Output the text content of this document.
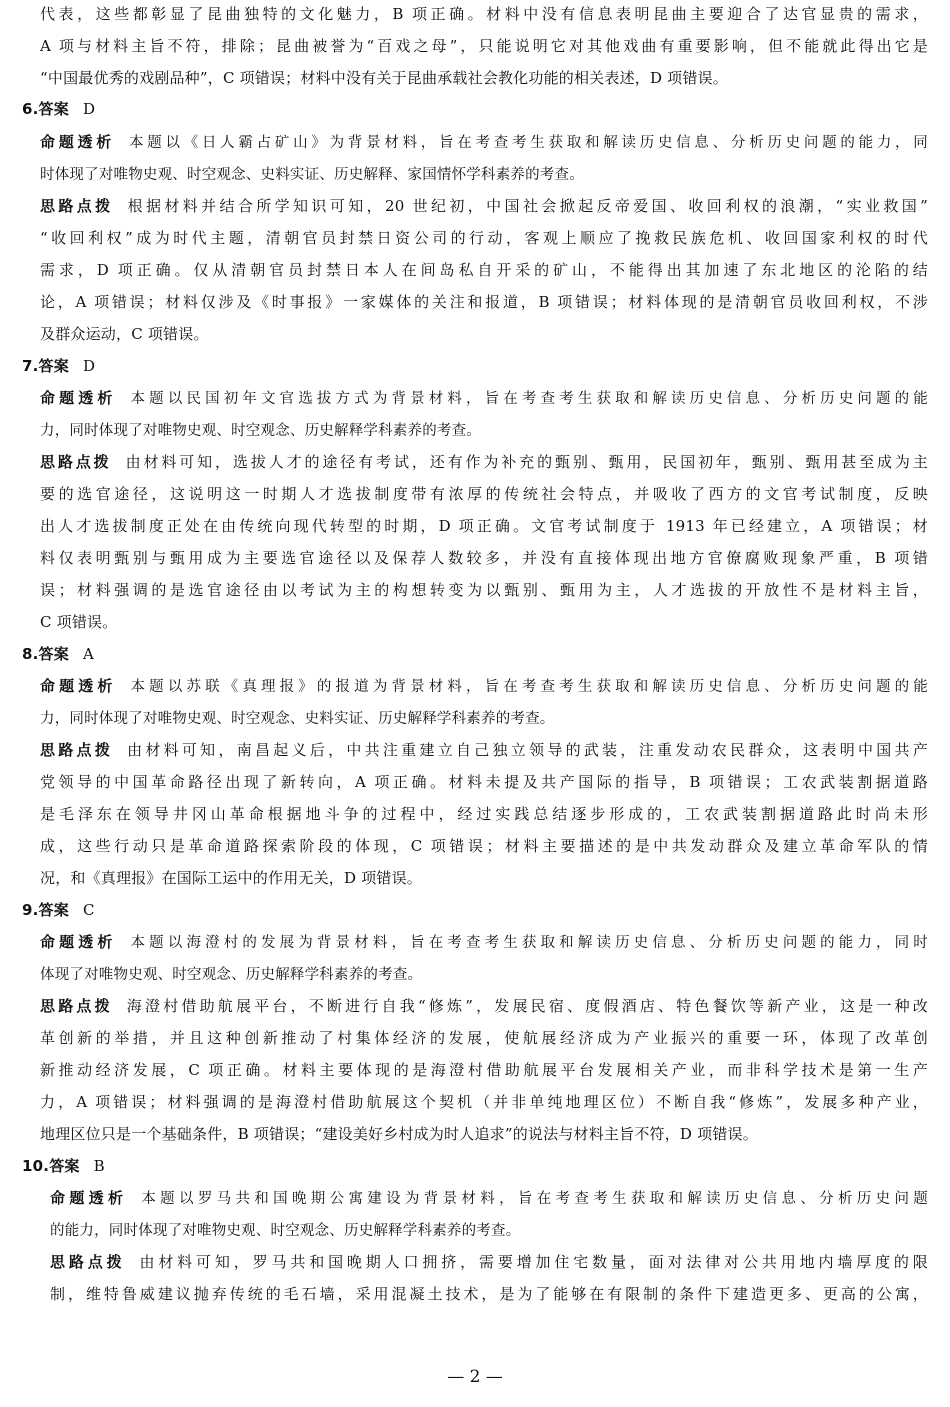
代表，这些都彰显了昆曲独特的文化魅力，B 项正确。材料中没有信息表明昆曲主要迎合了达官显贵的需求，
A 项与材料主旨不符，排除；昆曲被誉为“百戏之母”，只能说明它对其他戏曲有重要影响，但不能就此得出它是
“中国最优秀的戏剧品种”，C 项错误；材料中没有关于昆曲承载社会教化功能的相关表述，D 项错误。
6.答案 D
命题透析 本题以《日人霸占矿山》为背景材料，旨在考查考生获取和解读历史信息、分析历史问题的能力，同
时体现了对唯物史观、时空观念、史料实证、历史解释、家国情怀学科素养的考查。
思路点拨 根据材料并结合所学知识可知，20 世纪初，中国社会掀起反帝爱国、收回利权的浪潮，“实业救国”
“收回利权”成为时代主题，清朝官员封禁日资公司的行动，客观上顺应了挽救民族危机、收回国家利权的时代
需求，D 项正确。仅从清朝官员封禁日本人在间岛私自开采的矿山，不能得出其加速了东北地区的沦陷的结
论，A 项错误；材料仅涉及《时事报》一家媒体的关注和报道，B 项错误；材料体现的是清朝官员收回利权，不涉
及群众运动，C 项错误。
7.答案 D
命题透析 本题以民国初年文官选拔方式为背景材料，旨在考查考生获取和解读历史信息、分析历史问题的能
力，同时体现了对唯物史观、时空观念、历史解释学科素养的考查。
思路点拨 由材料可知，选拔人才的途径有考试，还有作为补充的甄别、甄用，民国初年，甄别、甄用甚至成为主
要的选官途径，这说明这一时期人才选拔制度带有浓厚的传统社会特点，并吸收了西方的文官考试制度，反映
出人才选拔制度正处在由传统向现代转型的时期，D 项正确。文官考试制度于 1913 年已经建立，A 项错误；材
料仅表明甄别与甄用成为主要选官途径以及保荐人数较多，并没有直接体现出地方官僚腐败现象严重，B 项错
误；材料强调的是选官途径由以考试为主的构想转变为以甄别、甄用为主，人才选拔的开放性不是材料主旨，
C 项错误。
8.答案 A
命题透析 本题以苏联《真理报》的报道为背景材料，旨在考查考生获取和解读历史信息、分析历史问题的能
力，同时体现了对唯物史观、时空观念、史料实证、历史解释学科素养的考查。
思路点拨 由材料可知，南昌起义后，中共注重建立自己独立领导的武装，注重发动农民群众，这表明中国共产
党领导的中国革命路径出现了新转向，A 项正确。材料未提及共产国际的指导，B 项错误；工农武装割据道路
是毛泽东在领导井冈山革命根据地斗争的过程中，经过实践总结逐步形成的，工农武装割据道路此时尚未形
成，这些行动只是革命道路探索阶段的体现，C 项错误；材料主要描述的是中共发动群众及建立革命军队的情
况，和《真理报》在国际工运中的作用无关，D 项错误。
9.答案 C
命题透析 本题以海澄村的发展为背景材料，旨在考查考生获取和解读历史信息、分析历史问题的能力，同时
体现了对唯物史观、时空观念、历史解释学科素养的考查。
思路点拨 海澄村借助航展平台，不断进行自我“修炼”，发展民宿、度假酒店、特色餐饮等新产业，这是一种改
革创新的举措，并且这种创新推动了村集体经济的发展，使航展经济成为产业振兴的重要一环，体现了改革创
新推动经济发展，C 项正确。材料主要体现的是海澄村借助航展平台发展相关产业，而非科学技术是第一生产
力，A 项错误；材料强调的是海澄村借助航展这个契机（并非单纯地理区位）不断自我“修炼”，发展多种产业，
地理区位只是一个基础条件，B 项错误；“建设美好乡村成为时人追求”的说法与材料主旨不符，D 项错误。
10.答案 B
命题透析 本题以罗马共和国晚期公寓建设为背景材料，旨在考查考生获取和解读历史信息、分析历史问题
的能力，同时体现了对唯物史观、时空观念、历史解释学科素养的考查。
思路点拨 由材料可知，罗马共和国晚期人口拥挤，需要增加住宅数量，面对法律对公共用地内墙厚度的限
制，维特鲁威建议抛弃传统的毛石墙，采用混凝土技术，是为了能够在有限制的条件下建造更多、更高的公寓，
— 2 —
